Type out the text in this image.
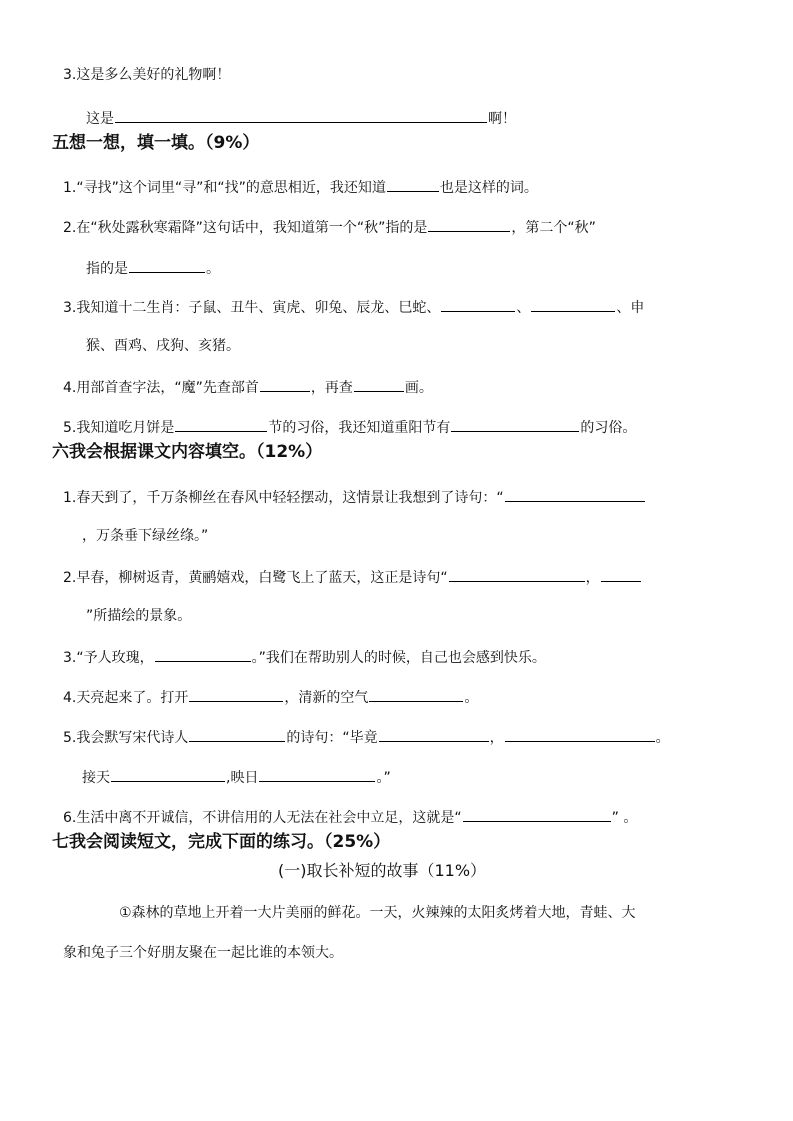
3.这是多么美好的礼物啊！
这是	啊！
五想一想，填一填。（9%）
1.“寻找”这个词里“寻”和“找”的意思相近，我还知道	也是这样的词。
2.在“秋处露秋寒霜降”这句话中，我知道第一个“秋”指的是	，第二个“秋”
指的是	。
3.我知道十二生肖：子鼠、丑牛、寅虎、卯兔、辰龙、巳蛇、	、	、申
猴、酉鸡、戌狗、亥猪。
4.用部首查字法，“魔”先查部首	，再查	画。
5.我知道吃月饼是	节的习俗，我还知道重阳节有	的习俗。
六我会根据课文内容填空。（12%）
1.春天到了，千万条柳丝在春风中轻轻摆动，这情景让我想到了诗句：“
，万条垂下绿丝绦。”
2.早春，柳树返青，黄鹂嬉戏，白鹭飞上了蓝天，这正是诗句“	，
”所描绘的景象。
3.“予人玫瑰，	。”我们在帮助别人的时候，自己也会感到快乐。
4.天亮起来了。打开	，清新的空气	。
5.我会默写宋代诗人	的诗句：“毕竟	，	。
接天	,映日	。”
6.生活中离不开诚信，不讲信用的人无法在社会中立足，这就是“	” 。
七我会阅读短文，完成下面的练习。（25%）
(一)取长补短的故事（11%）
①森林的草地上开着一大片美丽的鲜花。一天，火辣辣的太阳炙烤着大地，青蛙、大
象和兔子三个好朋友聚在一起比谁的本领大。
